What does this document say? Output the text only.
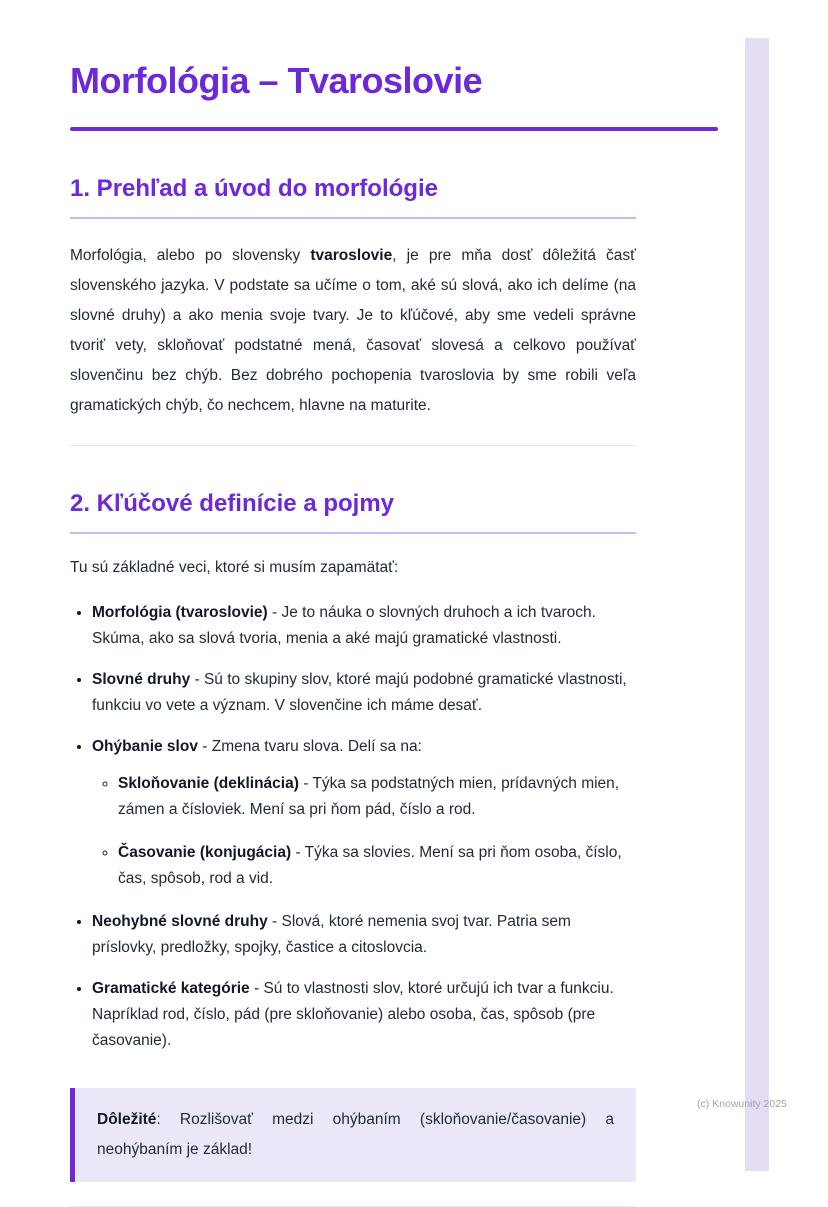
Morfológia – Tvaroslovie
1. Prehľad a úvod do morfológie

Morfológia, alebo po slovensky tvaroslovie, je pre mňa dosť dôležitá časť slovenského jazyka. V podstate sa učíme o tom, aké sú slová, ako ich delíme (na slovné druhy) a ako menia svoje tvary. Je to kľúčové, aby sme vedeli správne tvoriť vety, skloňovať podstatné mená, časovať slovesá a celkovo používať slovenčinu bez chýb. Bez dobrého pochopenia tvaroslovia by sme robili veľa gramatických chýb, čo nechcem, hlavne na maturite.

2. Kľúčové definície a pojmy

Tu sú základné veci, ktoré si musím zapamätať:

• Morfológia (tvaroslovie) - Je to náuka o slovných druhoch a ich tvaroch. Skúma, ako sa slová tvoria, menia a aké majú gramatické vlastnosti.
• Slovné druhy - Sú to skupiny slov, ktoré majú podobné gramatické vlastnosti, funkciu vo vete a význam. V slovenčine ich máme desať.
• Ohýbanie slov - Zmena tvaru slova. Delí sa na:
◦ Skloňovanie (deklinácia) - Týka sa podstatných mien, prídavných mien, zámen a čísloviek. Mení sa pri ňom pád, číslo a rod.
◦ Časovanie (konjugácia) - Týka sa slovies. Mení sa pri ňom osoba, číslo, čas, spôsob, rod a vid.
• Neohybné slovné druhy - Slová, ktoré nemenia svoj tvar. Patria sem príslovky, predložky, spojky, častice a citoslovcia.
• Gramatické kategórie - Sú to vlastnosti slov, ktoré určujú ich tvar a funkciu. Napríklad rod, číslo, pád (pre skloňovanie) alebo osoba, čas, spôsob (pre časovanie).

Dôležité: Rozlišovať medzi ohýbaním (skloňovanie/časovanie) a neohýbaním je základ!

(c) Knowunity 2025
